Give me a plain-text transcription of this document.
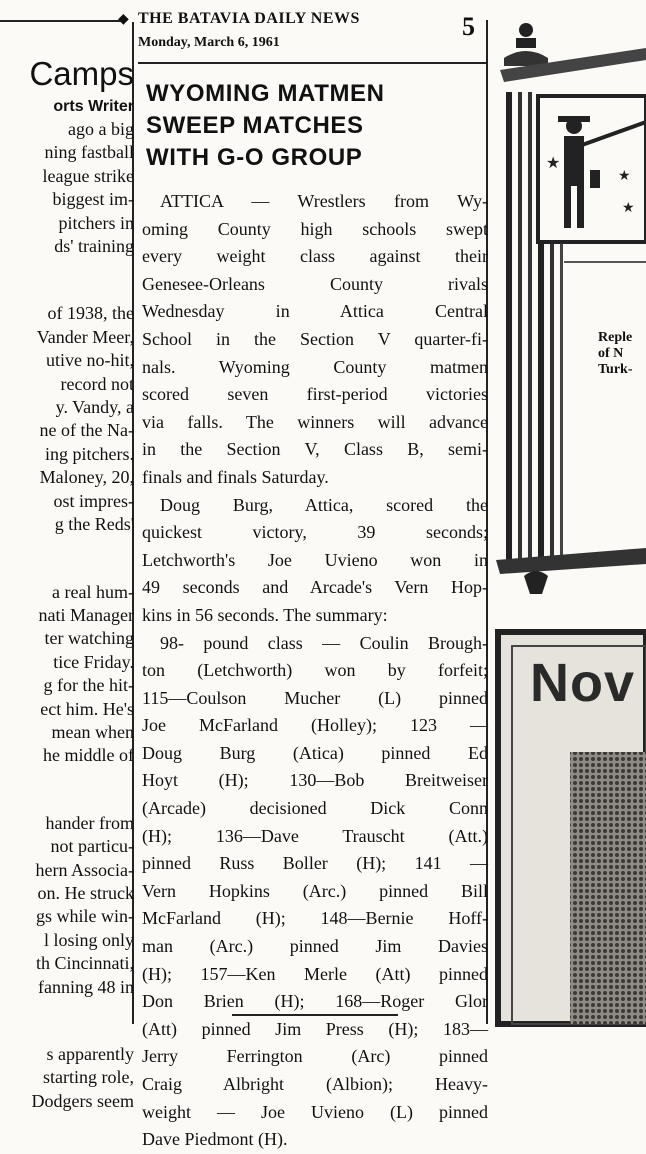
◆ THE BATAVIA DAILY NEWS
Monday, March 6, 1961
5

Camps

orts Writer

ago a big

ning fastball

league strike

biggest im-

pitchers in

ds' training

of 1938, the

Vander Meer,

utive no-hit,

record not

y. Vandy, a

ne of the Na-

ing pitchers.

Maloney, 20,

ost impres-

g the Reds'

a real hum-

nati Manager

ter watching

tice Friday.

g for the hit-

ect him. He's

mean when

he middle of

hander from

not particu-

hern Associa-

on. He struck

gs while win-

l losing only

th Cincinnati,

fanning 48 in

s apparently

starting role,

Dodgers seem

WYOMING MATMEN
SWEEP MATCHES
WITH G-O GROUP

ATTICA — Wrestlers from Wy-

oming County high schools swept

every weight class against their

Genesee-Orleans County rivals

Wednesday in Attica Central

School in the Section V quarter-fi-

nals. Wyoming County matmen

scored seven first-period victories

via falls. The winners will advance

in the Section V, Class B, semi-

finals and finals Saturday.

Doug Burg, Attica, scored the

quickest victory, 39 seconds;

Letchworth's Joe Uvieno won in

49 seconds and Arcade's Vern Hop-

kins in 56 seconds. The summary:

98- pound class — Coulin Brough-

ton (Letchworth) won by forfeit;

115—Coulson Mucher (L) pinned

Joe McFarland (Holley); 123 —

Doug Burg (Atica) pinned Ed

Hoyt (H); 130—Bob Breitweiser

(Arcade) decisioned Dick Conn

(H); 136—Dave Trauscht (Att.)

pinned Russ Boller (H); 141 —

Vern Hopkins (Arc.) pinned Bill

McFarland (H); 148—Bernie Hoff-

man (Arc.) pinned Jim Davies

(H); 157—Ken Merle (Att) pinned

Don Brien (H); 168—Roger Glor

(Att) pinned Jim Press (H); 183—

Jerry Ferrington (Arc) pinned

Craig Albright (Albion); Heavy-

weight — Joe Uvieno (L) pinned

Dave Piedmont (H).

★
★
★
Reple
of N
Turk-
Nov
